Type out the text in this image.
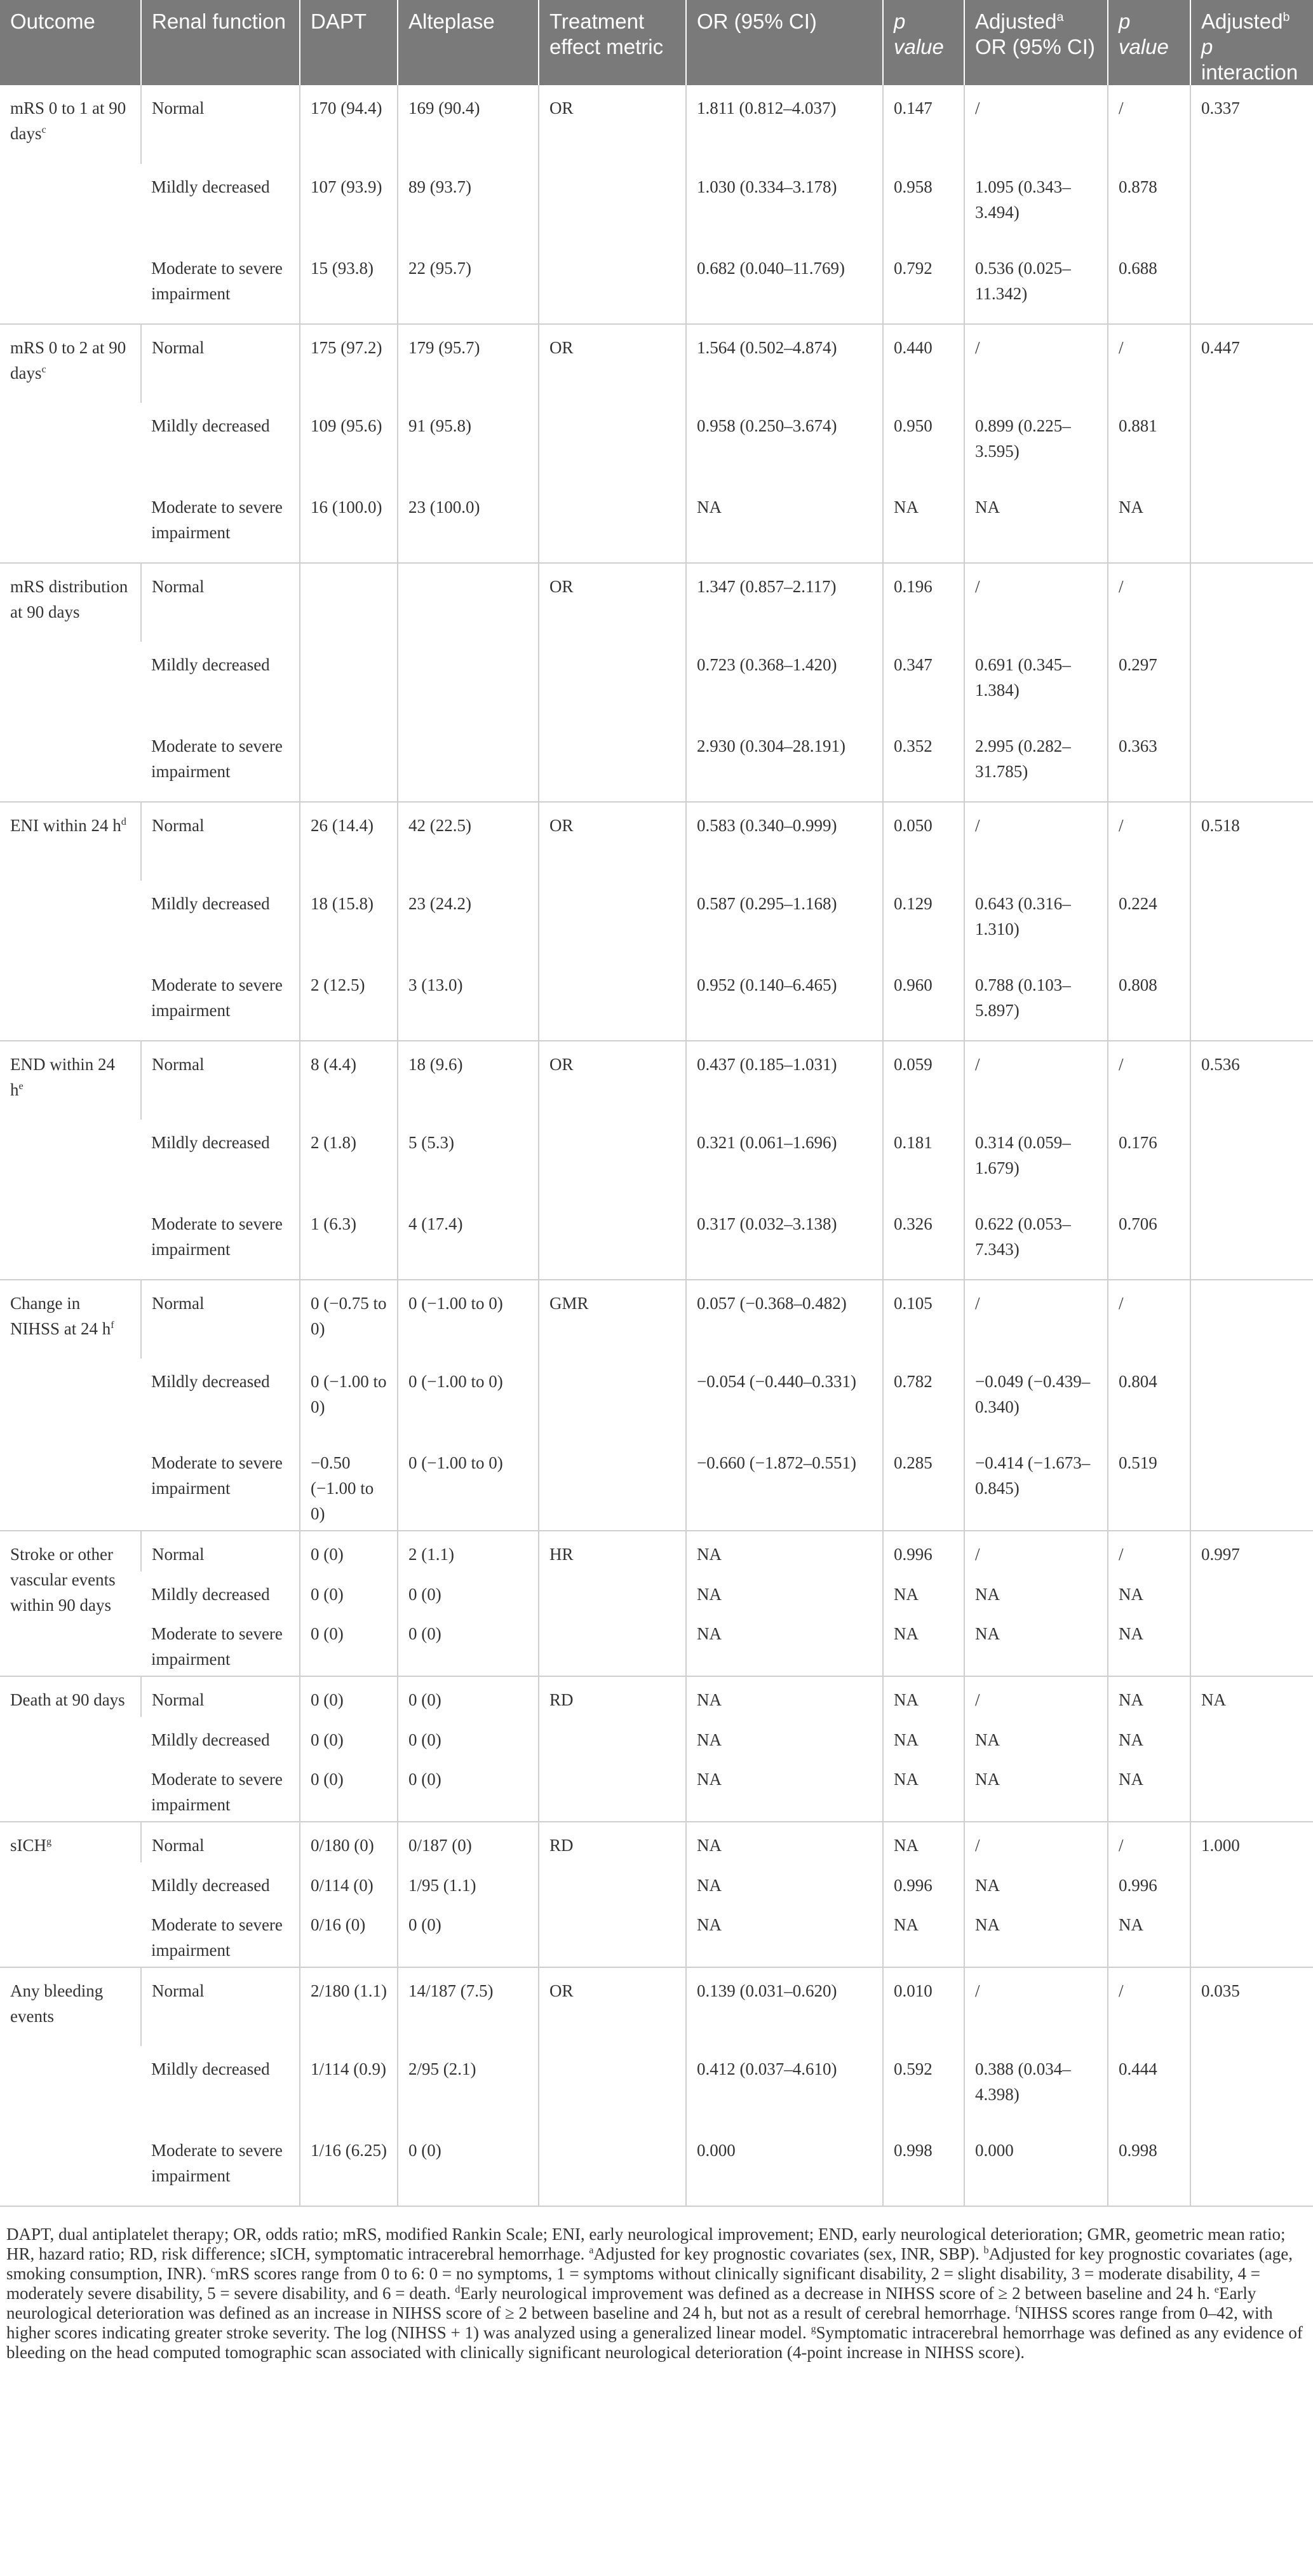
Outcome	Renal function	DAPT	Alteplase	Treatment effect metric	OR (95% CI)	p value	Adjusted$^a$ OR (95% CI)	p value	Adjusted$^b$ p interaction
mRS 0 to 1 at 90 days$^c$	Normal	170 (94.4)	169 (90.4)	OR	1.811 (0.812–4.037)	0.147	/	/	0.337
	Mildly decreased	107 (93.9)	89 (93.7)		1.030 (0.334–3.178)	0.958	1.095 (0.343–3.494)	0.878	
	Moderate to severe impairment	15 (93.8)	22 (95.7)		0.682 (0.040–11.769)	0.792	0.536 (0.025–11.342)	0.688	
mRS 0 to 2 at 90 days$^c$	Normal	175 (97.2)	179 (95.7)	OR	1.564 (0.502–4.874)	0.440	/	/	0.447
	Mildly decreased	109 (95.6)	91 (95.8)		0.958 (0.250–3.674)	0.950	0.899 (0.225–3.595)	0.881	
	Moderate to severe impairment	16 (100.0)	23 (100.0)		NA	NA	NA	NA	
mRS distribution at 90 days	Normal			OR	1.347 (0.857–2.117)	0.196	/	/	
	Mildly decreased				0.723 (0.368–1.420)	0.347	0.691 (0.345–1.384)	0.297	
	Moderate to severe impairment				2.930 (0.304–28.191)	0.352	2.995 (0.282–31.785)	0.363	
ENI within 24 $h^d$	Normal	26 (14.4)	42 (22.5)	OR	0.583 (0.340–0.999)	0.050	/	/	0.518
	Mildly decreased	18 (15.8)	23 (24.2)		0.587 (0.295–1.168)	0.129	0.643 (0.316–1.310)	0.224	
	Moderate to severe impairment	2 (12.5)	3 (13.0)		0.952 (0.140–6.465)	0.960	0.788 (0.103–5.897)	0.808	
END within 24 $h^e$	Normal	8 (4.4)	18 (9.6)	OR	0.437 (0.185–1.031)	0.059	/	/	0.536
	Mildly decreased	2 (1.8)	5 (5.3)		0.321 (0.061–1.696)	0.181	0.314 (0.059–1.679)	0.176	
	Moderate to severe impairment	1 (6.3)	4 (17.4)		0.317 (0.032–3.138)	0.326	0.622 (0.053–7.343)	0.706	
Change in NIHSS at 24 $h^f$	Normal	0 (−0.75 to 0)	0 (−1.00 to 0)	GMR	0.057 (−0.368–0.482)	0.105	/	/	
	Mildly decreased	0 (−1.00 to 0)	0 (−1.00 to 0)		−0.054 (−0.440–0.331)	0.782	−0.049 (−0.439–0.340)	0.804	
	Moderate to severe impairment	−0.50 (−1.00 to 0)	0 (−1.00 to 0)		−0.660 (−1.872–0.551)	0.285	−0.414 (−1.673–0.845)	0.519	
Stroke or other vascular events within 90 days	Normal	0 (0)	2 (1.1)	HR	NA	0.996	/	/	0.997
	Mildly decreased	0 (0)	0 (0)		NA	NA	NA	NA	
	Moderate to severe impairment	0 (0)	0 (0)		NA	NA	NA	NA	
Death at 90 days	Normal	0 (0)	0 (0)	RD	NA	NA	/	NA	NA
	Mildly decreased	0 (0)	0 (0)		NA	NA	NA	NA	
	Moderate to severe impairment	0 (0)	0 (0)		NA	NA	NA	NA	
sICH$^g$	Normal	0/180 (0)	0/187 (0)	RD	NA	NA	/	/	1.000
	Mildly decreased	0/114 (0)	1/95 (1.1)		NA	0.996	NA	0.996	
	Moderate to severe impairment	0/16 (0)	0 (0)		NA	NA	NA	NA	
Any bleeding events	Normal	2/180 (1.1)	14/187 (7.5)	OR	0.139 (0.031–0.620)	0.010	/	/	0.035
	Mildly decreased	1/114 (0.9)	2/95 (2.1)		0.412 (0.037–4.610)	0.592	0.388 (0.034–4.398)	0.444	
	Moderate to severe impairment	1/16 (6.25)	0 (0)		0.000	0.998	0.000	0.998	

DAPT, dual antiplatelet therapy; OR, odds ratio; mRS, modified Rankin Scale; ENI, early neurological improvement; END, early neurological deterioration; GMR, geometric mean ratio; HR, hazard ratio; RD, risk difference; sICH, symptomatic intracerebral hemorrhage. $^a$Adjusted for key prognostic covariates (sex, INR, SBP). $^b$Adjusted for key prognostic covariates (age, smoking consumption, INR). $^c$mRS scores range from 0 to 6: 0 = no symptoms, 1 = symptoms without clinically significant disability, 2 = slight disability, 3 = moderate disability, 4 = moderately severe disability, 5 = severe disability, and 6 = death. $^d$Early neurological improvement was defined as a decrease in NIHSS score of ≥ 2 between baseline and 24 h. $^e$Early neurological deterioration was defined as an increase in NIHSS score of ≥ 2 between baseline and 24 h, but not as a result of cerebral hemorrhage. $^f$NIHSS scores range from 0–42, with higher scores indicating greater stroke severity. The log (NIHSS + 1) was analyzed using a generalized linear model. $^g$Symptomatic intracerebral hemorrhage was defined as any evidence of bleeding on the head computed tomographic scan associated with clinically significant neurological deterioration (4-point increase in NIHSS score).
